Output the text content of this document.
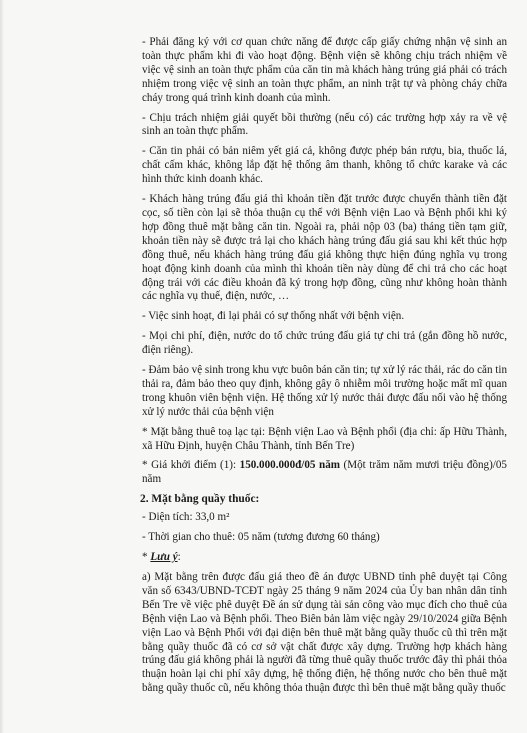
- Phải đăng ký với cơ quan chức năng để được cấp giấy chứng nhận vệ sinh an toàn thực phẩm khi đi vào hoạt động. Bệnh viện sẽ không chịu trách nhiệm về việc vệ sinh an toàn thực phẩm của căn tin mà khách hàng trúng giá phải có trách nhiệm trong việc vệ sinh an toàn thực phẩm, an ninh trật tự và phòng cháy chữa cháy trong quá trình kinh doanh của mình.

- Chịu trách nhiệm giải quyết bồi thường (nếu có) các trường hợp xảy ra về vệ sinh an toàn thực phẩm.

- Căn tin phải có bản niêm yết giá cả, không được phép bán rượu, bia, thuốc lá, chất cấm khác, không lắp đặt hệ thống âm thanh, không tổ chức karake và các hình thức kinh doanh khác.

- Khách hàng trúng đấu giá thì khoản tiền đặt trước được chuyển thành tiền đặt cọc, số tiền còn lại sẽ thỏa thuận cụ thể với Bệnh viện Lao và Bệnh phổi khi ký hợp đồng thuê mặt bằng căn tin. Ngoài ra, phải nộp 03 (ba) tháng tiền tạm giữ, khoản tiền này sẽ được trả lại cho khách hàng trúng đấu giá sau khi kết thúc hợp đồng thuê, nếu khách hàng trúng đấu giá không thực hiện đúng nghĩa vụ trong hoạt động kinh doanh của mình thì khoản tiền này dùng để chi trả cho các hoạt động trái với các điều khoản đã ký trong hợp đồng, cũng như không hoàn thành các nghĩa vụ thuế, điện, nước, …

- Việc sinh hoạt, đi lại phải có sự thống nhất với bệnh viện.

- Mọi chi phí, điện, nước do tổ chức trúng đấu giá tự chi trả (gắn đồng hồ nước, điện riêng).

- Đảm bảo vệ sinh trong khu vực buôn bán căn tin; tự xử lý rác thải, rác do căn tin thải ra, đảm bảo theo quy định, không gây ô nhiễm môi trường hoặc mất mĩ quan trong khuôn viên bệnh viện. Hệ thống xử lý nước thải được đấu nối vào hệ thống xử lý nước thải của bệnh viện

* Mặt bằng thuê toạ lạc tại: Bệnh viện Lao và Bệnh phổi (địa chỉ: ấp Hữu Thành, xã Hữu Định, huyện Châu Thành, tỉnh Bến Tre)

* Giá khởi điểm (1): 150.000.000đ/05 năm (Một trăm năm mươi triệu đồng)/05 năm

2. Mặt bằng quầy thuốc:

- Diện tích: 33,0 m²

- Thời gian cho thuê: 05 năm (tương đương 60 tháng)

* Lưu ý:

a) Mặt bằng trên được đấu giá theo đề án được UBND tỉnh phê duyệt tại Công văn số 6343/UBND-TCĐT ngày 25 tháng 9 năm 2024 của Ủy ban nhân dân tỉnh Bến Tre về việc phê duyệt Đề án sử dụng tài sản công vào mục đích cho thuê của Bệnh viện Lao và Bệnh phổi. Theo Biên bản làm việc ngày 29/10/2024 giữa Bệnh viện Lao và Bệnh Phổi với đại diện bên thuê mặt bằng quầy thuốc cũ thì trên mặt bằng quầy thuốc đã có cơ sở vật chất được xây dựng. Trường hợp khách hàng trúng đấu giá không phải là người đã từng thuê quầy thuốc trước đây thì phải thỏa thuận hoàn lại chi phí xây dựng, hệ thống điện, hệ thống nước cho bên thuê mặt bằng quầy thuốc cũ, nếu không thỏa thuận được thì bên thuê mặt bằng quầy thuốc
